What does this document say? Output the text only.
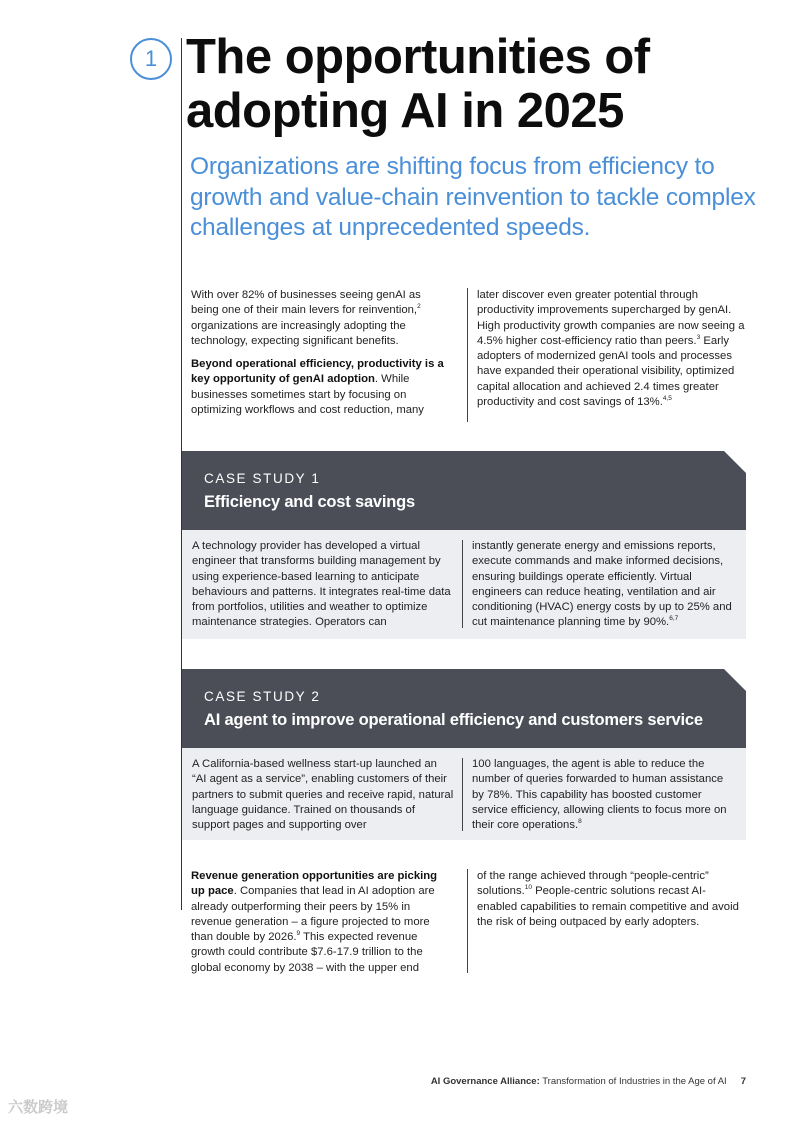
1 The opportunities of
adopting AI in 2025

Organizations are shifting focus from efficiency to growth and value-chain reinvention to tackle complex challenges at unprecedented speeds.

With over 82% of businesses seeing genAI as being one of their main levers for reinvention,$^2$ organizations are increasingly adopting the technology, expecting significant benefits.

Beyond operational efficiency, productivity is a key opportunity of genAI adoption. While businesses sometimes start by focusing on optimizing workflows and cost reduction, many

later discover even greater potential through productivity improvements supercharged by genAI. High productivity growth companies are now seeing a 4.5% higher cost-efficiency ratio than peers.$^3$ Early adopters of modernized genAI tools and processes have expanded their operational visibility, optimized capital allocation and achieved 2.4 times greater productivity and cost savings of 13%.$^{4,5}$

CASE STUDY 1
Efficiency and cost savings
A technology provider has developed a virtual engineer that transforms building management by using experience-based learning to anticipate behaviours and patterns. It integrates real-time data from portfolios, utilities and weather to optimize maintenance strategies. Operators can
instantly generate energy and emissions reports, execute commands and make informed decisions, ensuring buildings operate efficiently. Virtual engineers can reduce heating, ventilation and air conditioning (HVAC) energy costs by up to 25% and cut maintenance planning time by 90%.$^{6,7}$
CASE STUDY 2
AI agent to improve operational efficiency and customers service
A California-based wellness start-up launched an “AI agent as a service”, enabling customers of their partners to submit queries and receive rapid, natural language guidance. Trained on thousands of support pages and supporting over
100 languages, the agent is able to reduce the number of queries forwarded to human assistance by 78%. This capability has boosted customer service efficiency, allowing clients to focus more on their core operations.$^8$

Revenue generation opportunities are picking up pace. Companies that lead in AI adoption are already outperforming their peers by 15% in revenue generation – a figure projected to more than double by 2026.$^9$ This expected revenue growth could contribute $7.6-17.9 trillion to the global economy by 2038 – with the upper end

of the range achieved through “people-centric” solutions.$^{10}$ People-centric solutions recast AI-enabled capabilities to remain competitive and avoid the risk of being outpaced by early adopters.

AI Governance Alliance: Transformation of Industries in the Age of AI 7
六数跨境
